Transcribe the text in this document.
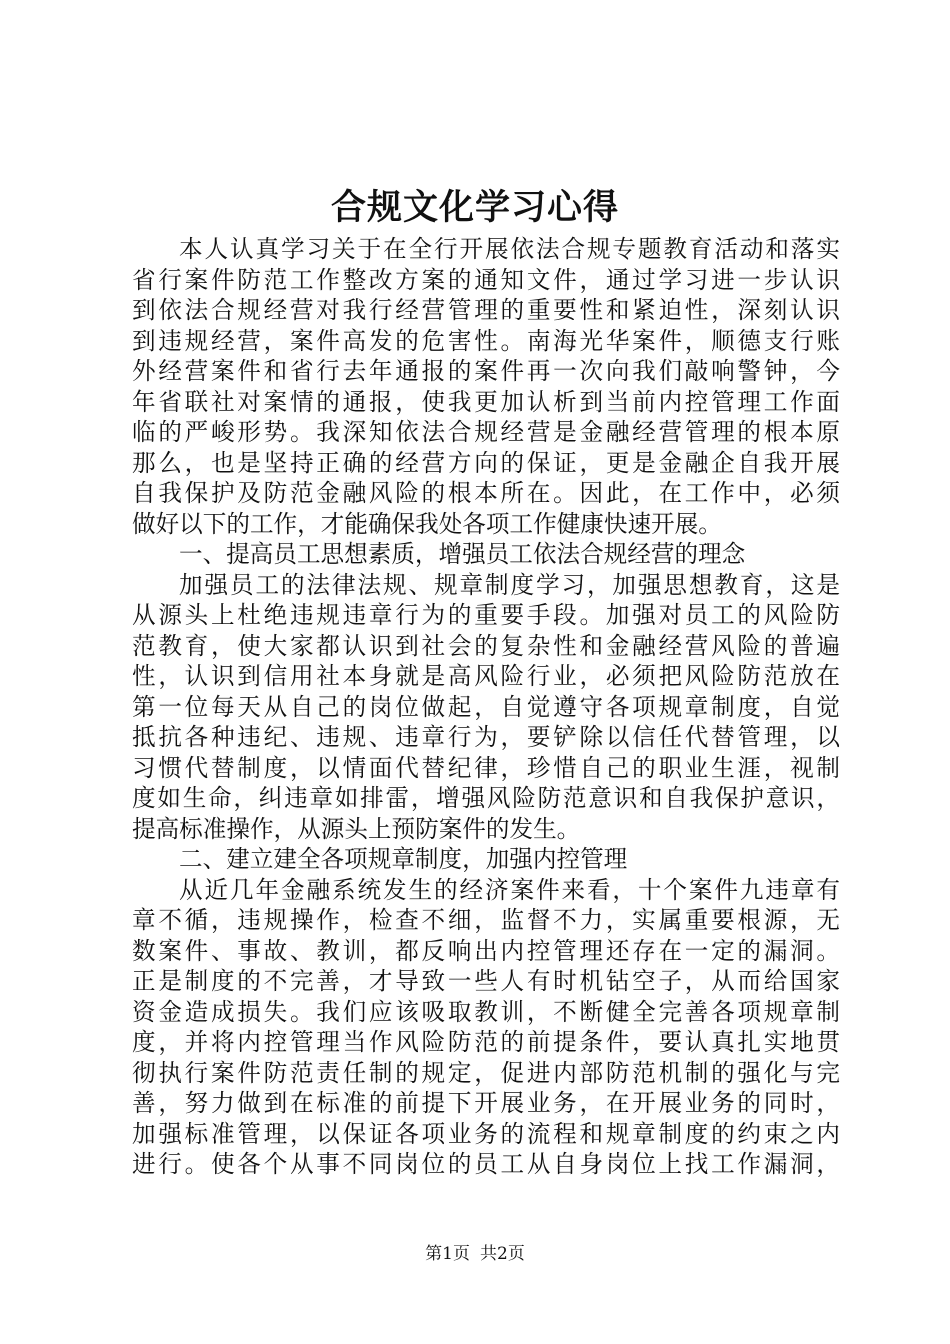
合规文化学习心得
本人认真学习关于在全行开展依法合规专题教育活动和落实
省行案件防范工作整改方案的通知文件，通过学习进一步认识
到依法合规经营对我行经营管理的重要性和紧迫性，深刻认识
到违规经营，案件高发的危害性。南海光华案件，顺德支行账
外经营案件和省行去年通报的案件再一次向我们敲响警钟，今
年省联社对案情的通报，使我更加认析到当前内控管理工作面
临的严峻形势。我深知依法合规经营是金融经营管理的根本原
那么，也是坚持正确的经营方向的保证，更是金融企自我开展
自我保护及防范金融风险的根本所在。因此，在工作中，必须
做好以下的工作，才能确保我处各项工作健康快速开展。
一、提高员工思想素质，增强员工依法合规经营的理念
加强员工的法律法规、规章制度学习，加强思想教育，这是
从源头上杜绝违规违章行为的重要手段。加强对员工的风险防
范教育，使大家都认识到社会的复杂性和金融经营风险的普遍
性，认识到信用社本身就是高风险行业，必须把风险防范放在
第一位每天从自己的岗位做起，自觉遵守各项规章制度，自觉
抵抗各种违纪、违规、违章行为，要铲除以信任代替管理，以
习惯代替制度，以情面代替纪律，珍惜自己的职业生涯，视制
度如生命，纠违章如排雷，增强风险防范意识和自我保护意识，
提高标准操作，从源头上预防案件的发生。
二、建立建全各项规章制度，加强内控管理
从近几年金融系统发生的经济案件来看，十个案件九违章有
章不循，违规操作，检查不细，监督不力，实属重要根源，无
数案件、事故、教训，都反响出内控管理还存在一定的漏洞。
正是制度的不完善，才导致一些人有时机钻空子，从而给国家
资金造成损失。我们应该吸取教训，不断健全完善各项规章制
度，并将内控管理当作风险防范的前提条件，要认真扎实地贯
彻执行案件防范责任制的规定，促进内部防范机制的强化与完
善，努力做到在标准的前提下开展业务，在开展业务的同时，
加强标准管理，以保证各项业务的流程和规章制度的约束之内
进行。使各个从事不同岗位的员工从自身岗位上找工作漏洞，
第1页 共2页
